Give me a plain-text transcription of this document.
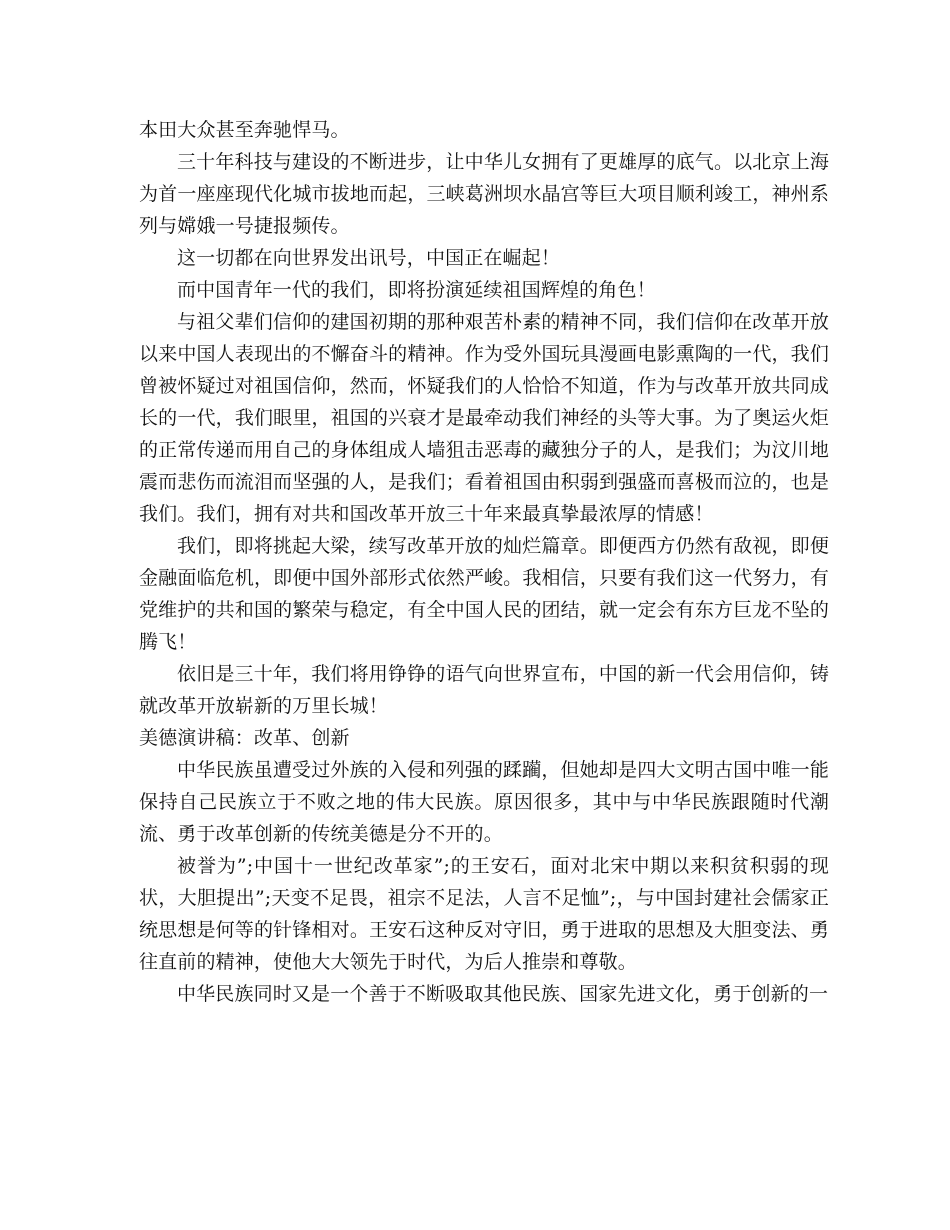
本田大众甚至奔驰悍马。

三十年科技与建设的不断进步，让中华儿女拥有了更雄厚的底气。以北京上海为首一座座现代化城市拔地而起，三峡葛洲坝水晶宫等巨大项目顺利竣工，神州系列与嫦娥一号捷报频传。

这一切都在向世界发出讯号，中国正在崛起！

而中国青年一代的我们，即将扮演延续祖国辉煌的角色！

与祖父辈们信仰的建国初期的那种艰苦朴素的精神不同，我们信仰在改革开放以来中国人表现出的不懈奋斗的精神。作为受外国玩具漫画电影熏陶的一代，我们曾被怀疑过对祖国信仰，然而，怀疑我们的人恰恰不知道，作为与改革开放共同成长的一代，我们眼里，祖国的兴衰才是最牵动我们神经的头等大事。为了奥运火炬的正常传递而用自己的身体组成人墙狙击恶毒的藏独分子的人，是我们；为汶川地震而悲伤而流泪而坚强的人，是我们；看着祖国由积弱到强盛而喜极而泣的，也是我们。我们，拥有对共和国改革开放三十年来最真挚最浓厚的情感！

我们，即将挑起大梁，续写改革开放的灿烂篇章。即便西方仍然有敌视，即便金融面临危机，即便中国外部形式依然严峻。我相信，只要有我们这一代努力，有党维护的共和国的繁荣与稳定，有全中国人民的团结，就一定会有东方巨龙不坠的腾飞！

依旧是三十年，我们将用铮铮的语气向世界宣布，中国的新一代会用信仰，铸就改革开放崭新的万里长城！

美德演讲稿：改革、创新

中华民族虽遭受过外族的入侵和列强的蹂躏，但她却是四大文明古国中唯一能保持自己民族立于不败之地的伟大民族。原因很多，其中与中华民族跟随时代潮流、勇于改革创新的传统美德是分不开的。

被誉为”;中国十一世纪改革家”;的王安石，面对北宋中期以来积贫积弱的现状，大胆提出”;天变不足畏，祖宗不足法，人言不足恤”;，与中国封建社会儒家正统思想是何等的针锋相对。王安石这种反对守旧，勇于进取的思想及大胆变法、勇往直前的精神，使他大大领先于时代，为后人推崇和尊敬。

中华民族同时又是一个善于不断吸取其他民族、国家先进文化，勇于创新的一
